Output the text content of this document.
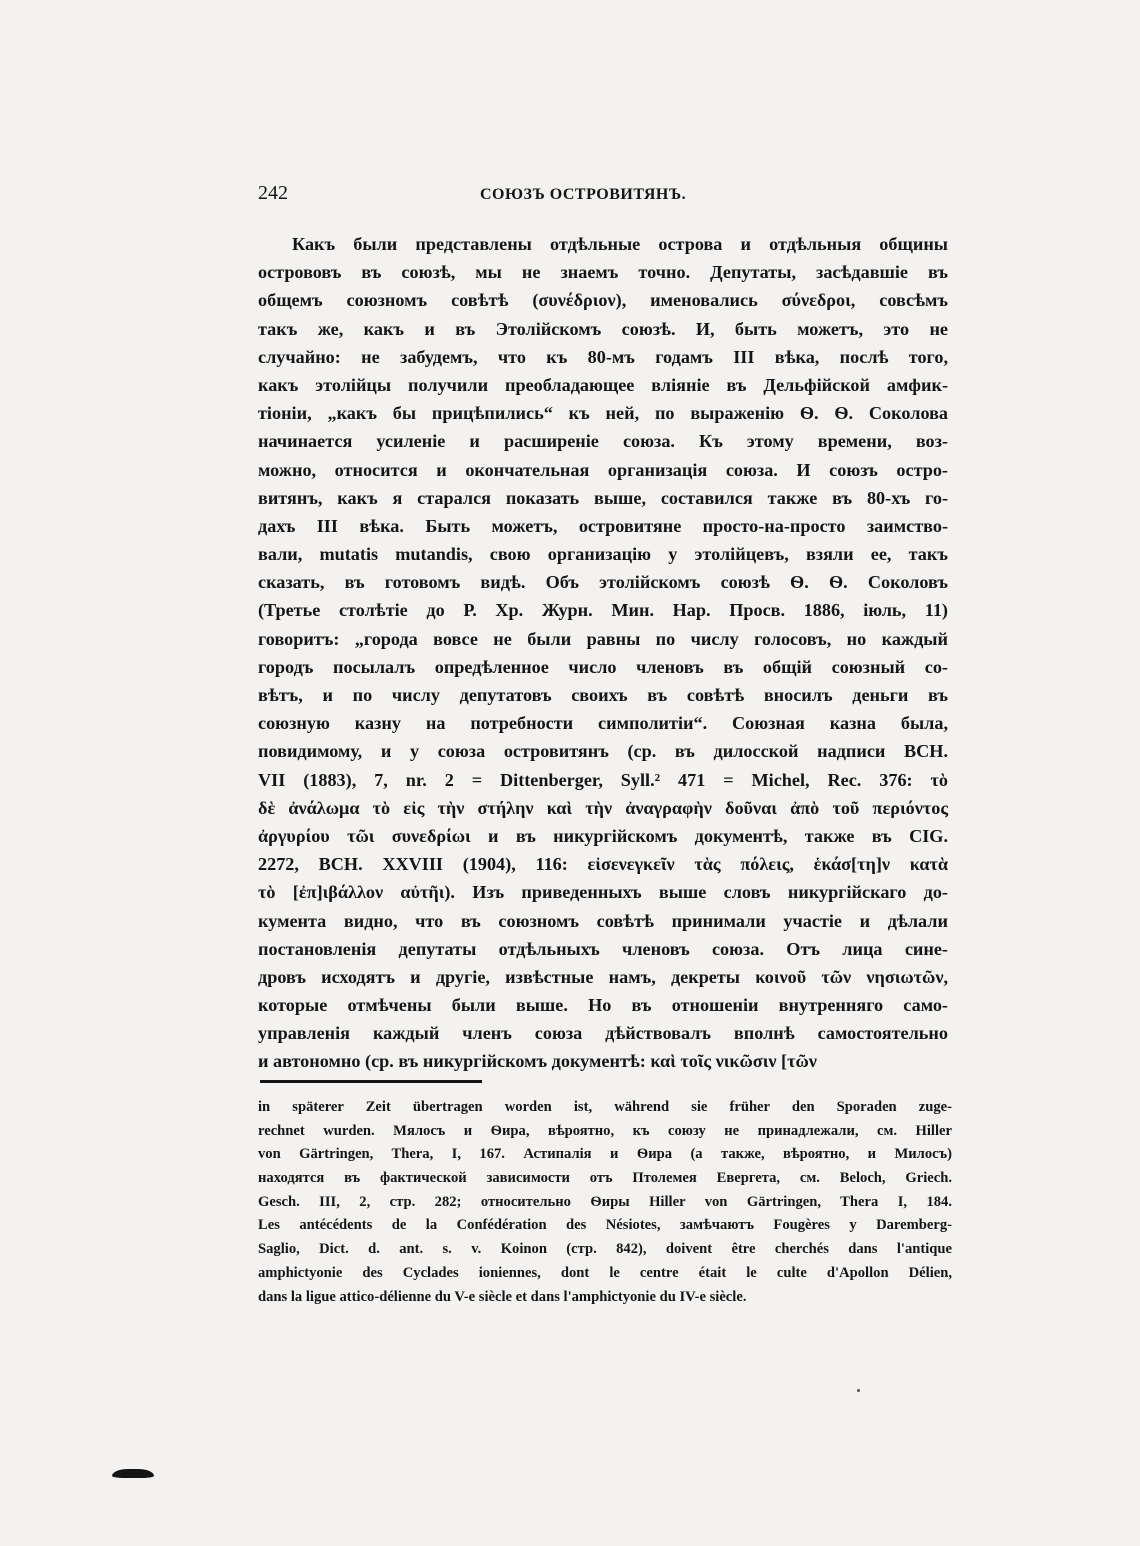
242	СОЮЗЪ ОСТРОВИТЯНЪ.
Какъ были представлены отдѣльные острова и отдѣльныя общины
острововъ въ союзѣ, мы не знаемъ точно. Депутаты, засѣдавшіе въ
общемъ союзномъ совѣтѣ (συνέδριον), именовались σύνεδροι, совсѣмъ
такъ же, какъ и въ Этолійскомъ союзѣ. И, быть можетъ, это не
случайно: не забудемъ, что къ 80-мъ годамъ III вѣка, послѣ того,
какъ этолійцы получили преобладающее вліяніе въ Дельфійской амфик-
тіоніи, „какъ бы прицѣпились“ къ ней, по выраженію Ѳ. Ѳ. Соколова
начинается усиленіе и расширеніе союза. Къ этому времени, воз-
можно, относится и окончательная организація союза. И союзъ остро-
витянъ, какъ я старался показать выше, составился также въ 80-хъ го-
дахъ III вѣка. Быть можетъ, островитяне просто-на-просто заимство-
вали, mutatis mutandis, свою организацію у этолійцевъ, взяли ее, такъ
сказать, въ готовомъ видѣ. Объ этолійскомъ союзѣ Ѳ. Ѳ. Соколовъ
(Третье столѣтіе до Р. Хр. Журн. Мин. Нар. Просв. 1886, іюль, 11)
говоритъ: „города вовсе не были равны по числу голосовъ, но каждый
городъ посылалъ опредѣленное число членовъ въ общій союзный со-
вѣтъ, и по числу депутатовъ своихъ въ совѣтѣ вносилъ деньги въ
союзную казну на потребности симполитіи“. Союзная казна была,
повидимому, и у союза островитянъ (ср. въ дилосской надписи BCH.
VII (1883), 7, nr. 2 = Dittenberger, Syll.² 471 = Michel, Rec. 376: τὸ
δὲ ἀνάλωμα τὸ εἰς τὴν στήλην καὶ τὴν ἀναγραφὴν δοῦναι ἀπὸ τοῦ περιόντος
ἀργυρίου τῶι συνεδρίωι и въ никургійскомъ документѣ, также въ CIG.
2272, BCH. XXVIII (1904), 116: εἰσενεγκεῖν τὰς πόλεις, ἑκάσ[τη]ν κατὰ
τὸ [ἐπ]ιβάλλον αὐτῆι). Изъ приведенныхъ выше словъ никургійскаго до-
кумента видно, что въ союзномъ совѣтѣ принимали участіе и дѣлали
постановленія депутаты отдѣльныхъ членовъ союза. Отъ лица сине-
дровъ исходятъ и другіе, извѣстные намъ, декреты κοινοῦ τῶν νησιωτῶν,
которые отмѣчены были выше. Но въ отношеніи внутренняго само-
управленія каждый членъ союза дѣйствовалъ вполнѣ самостоятельно
и автономно (ср. въ никургійскомъ документѣ: καὶ τοῖς νικῶσιν [τῶν
in späterer Zeit übertragen worden ist, während sie früher den Sporaden zuge-
rechnet wurden. Мялосъ и Ѳира, вѣроятно, къ союзу не принадлежали, см. Hiller
von Gärtringen, Thera, I, 167. Астипалія и Ѳира (а также, вѣроятно, и Милосъ)
находятся въ фактической зависимости отъ Птолемея Евергета, см. Beloch, Griech.
Gesch. III, 2, стр. 282; относительно Ѳиры Hiller von Gärtringen, Thera I, 184.
Les antécédents de la Confédération des Nésiotes, замѣчаютъ Fougères y Daremberg-
Saglio, Dict. d. ant. s. v. Koinon (стр. 842), doivent être cherchés dans l'antique
amphictyonie des Cyclades ioniennes, dont le centre était le culte d'Apollon Délien,
dans la ligue attico-délienne du V-e siècle et dans l'amphictyonie du IV-e siècle.
